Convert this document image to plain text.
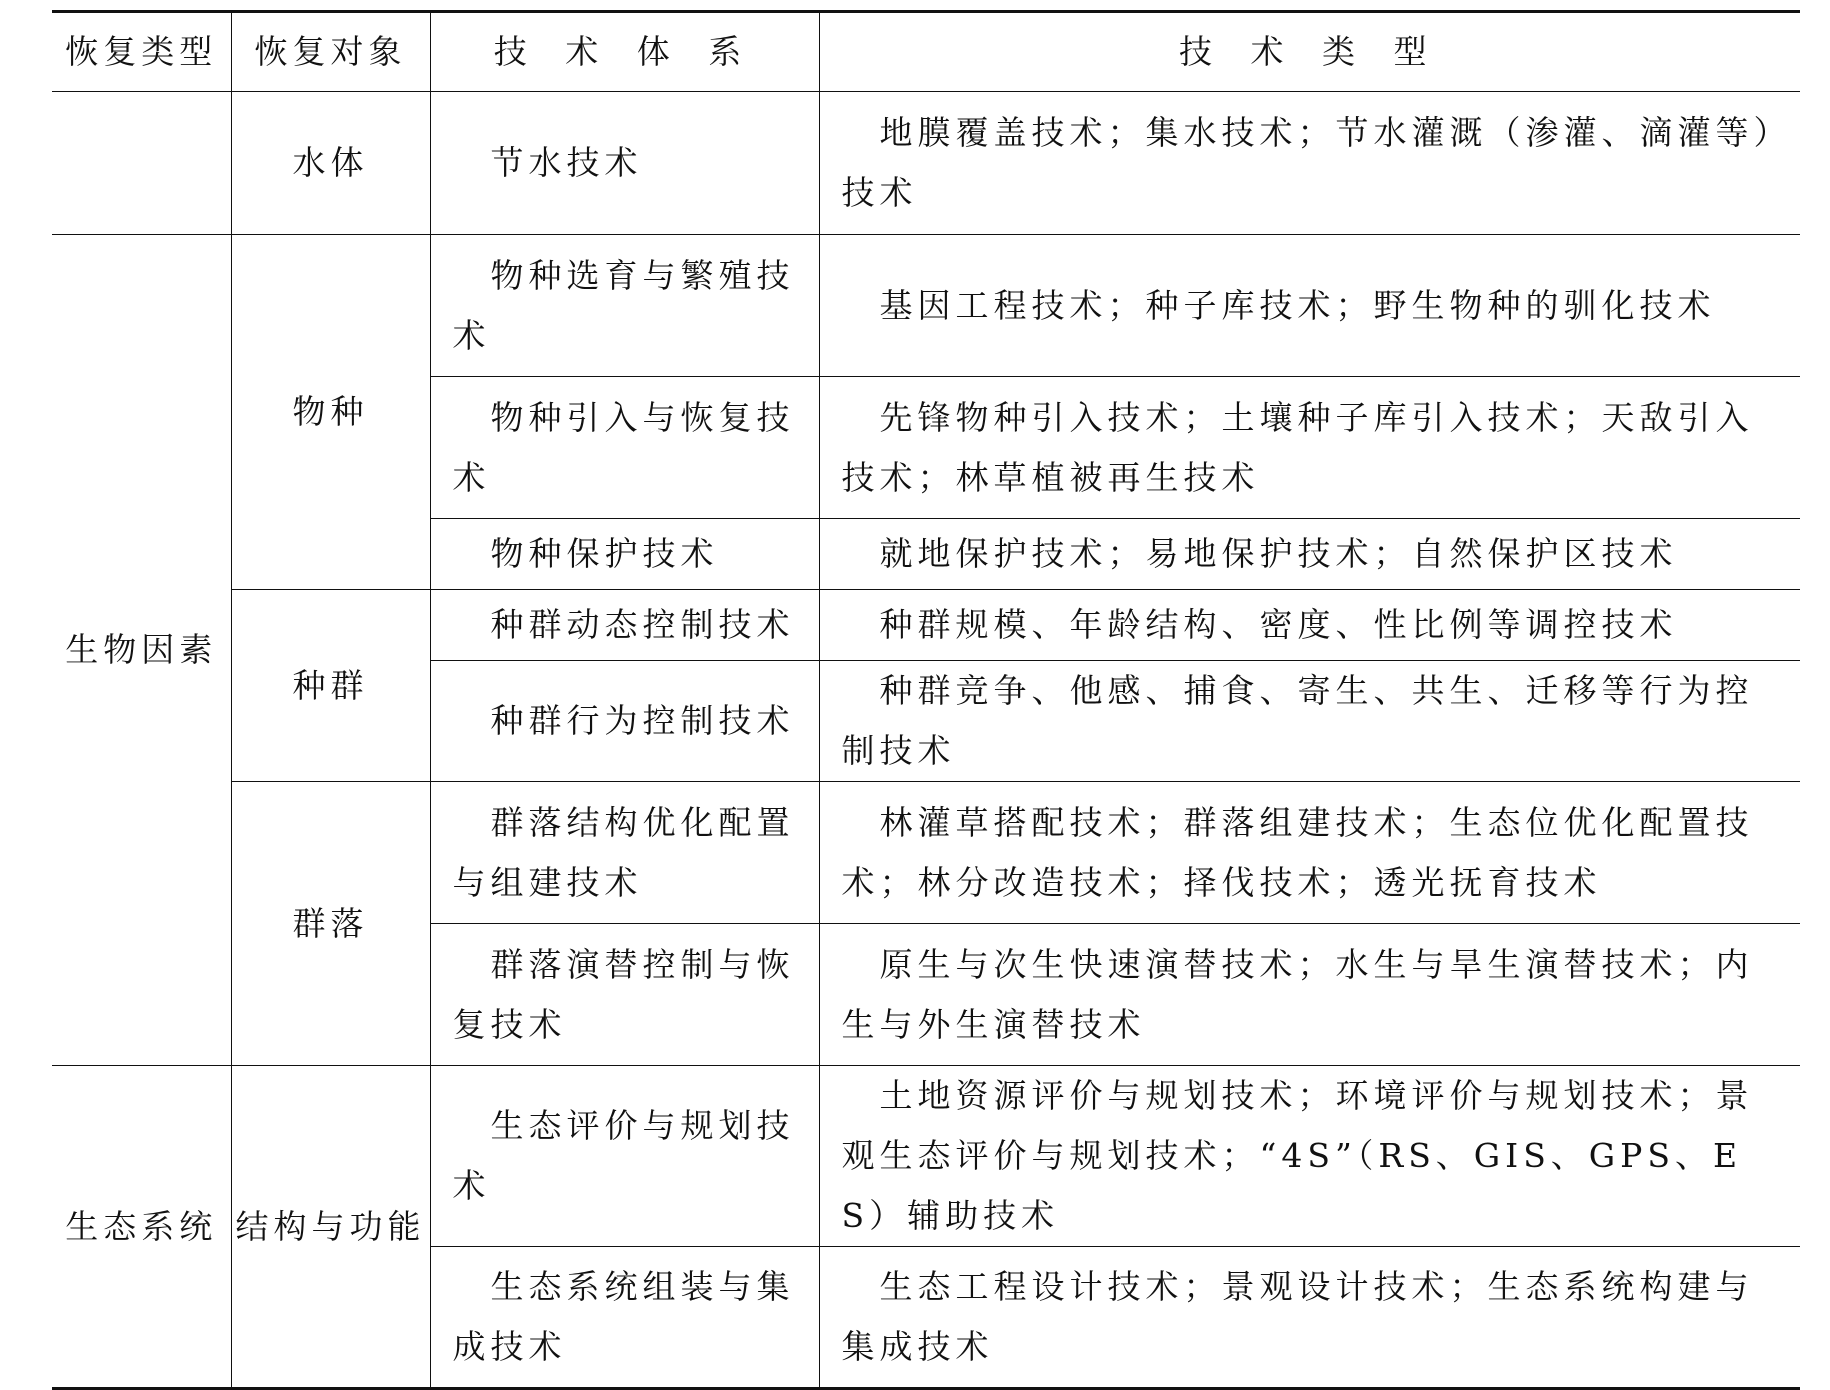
恢复类型	恢复对象	技 术 体 系	技 术 类 型
	水体	节水技术	地膜覆盖技术；集水技术；节水灌溉（渗灌、滴灌等）技术
生物因素	物种	物种选育与繁殖技术	基因工程技术；种子库技术；野生物种的驯化技术
		物种引入与恢复技术	先锋物种引入技术；土壤种子库引入技术；天敌引入技术；林草植被再生技术
		物种保护技术	就地保护技术；易地保护技术；自然保护区技术
	种群	种群动态控制技术	种群规模、年龄结构、密度、性比例等调控技术
		种群行为控制技术	种群竞争、他感、捕食、寄生、共生、迁移等行为控制技术
	群落	群落结构优化配置与组建技术	林灌草搭配技术；群落组建技术；生态位优化配置技术；林分改造技术；择伐技术；透光抚育技术
		群落演替控制与恢复技术	原生与次生快速演替技术；水生与旱生演替技术；内生与外生演替技术
生态系统	结构与功能	生态评价与规划技术	土地资源评价与规划技术；环境评价与规划技术；景观生态评价与规划技术；“4S”（RS、GIS、GPS、ES）辅助技术
		生态系统组装与集成技术	生态工程设计技术；景观设计技术；生态系统构建与集成技术
